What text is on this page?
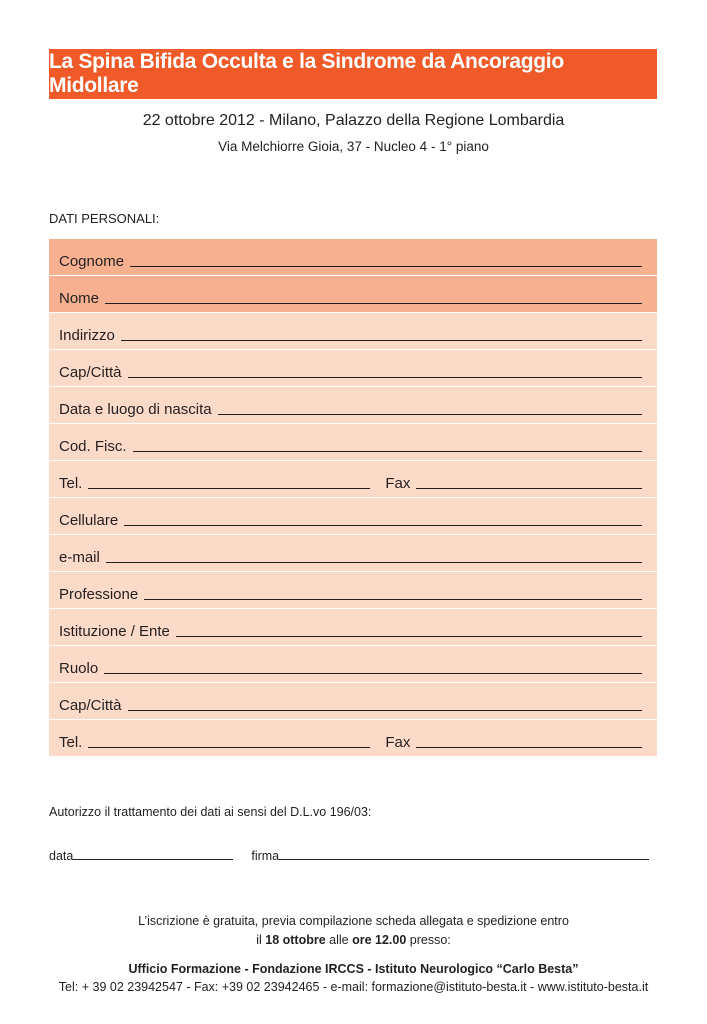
La Spina Bifida Occulta e la Sindrome da Ancoraggio Midollare
22 ottobre 2012 - Milano, Palazzo della Regione Lombardia
Via Melchiorre Gioia, 37 - Nucleo 4 - 1° piano
DATI PERSONALI:
Cognome
Nome
Indirizzo
Cap/Città
Data e luogo di nascita
Cod. Fisc.
Tel.	Fax
Cellulare
e-mail
Professione
Istituzione / Ente
Ruolo
Cap/Città
Tel.	Fax
Autorizzo il trattamento dei dati ai sensi del D.L.vo 196/03:
data	firma
L’iscrizione è gratuita, previa compilazione scheda allegata e spedizione entro
il 18 ottobre alle ore 12.00 presso:
Ufficio Formazione - Fondazione IRCCS - Istituto Neurologico “Carlo Besta”
Tel: + 39 02 23942547 - Fax: +39 02 23942465 - e-mail: formazione@istituto-besta.it - www.istituto-besta.it
